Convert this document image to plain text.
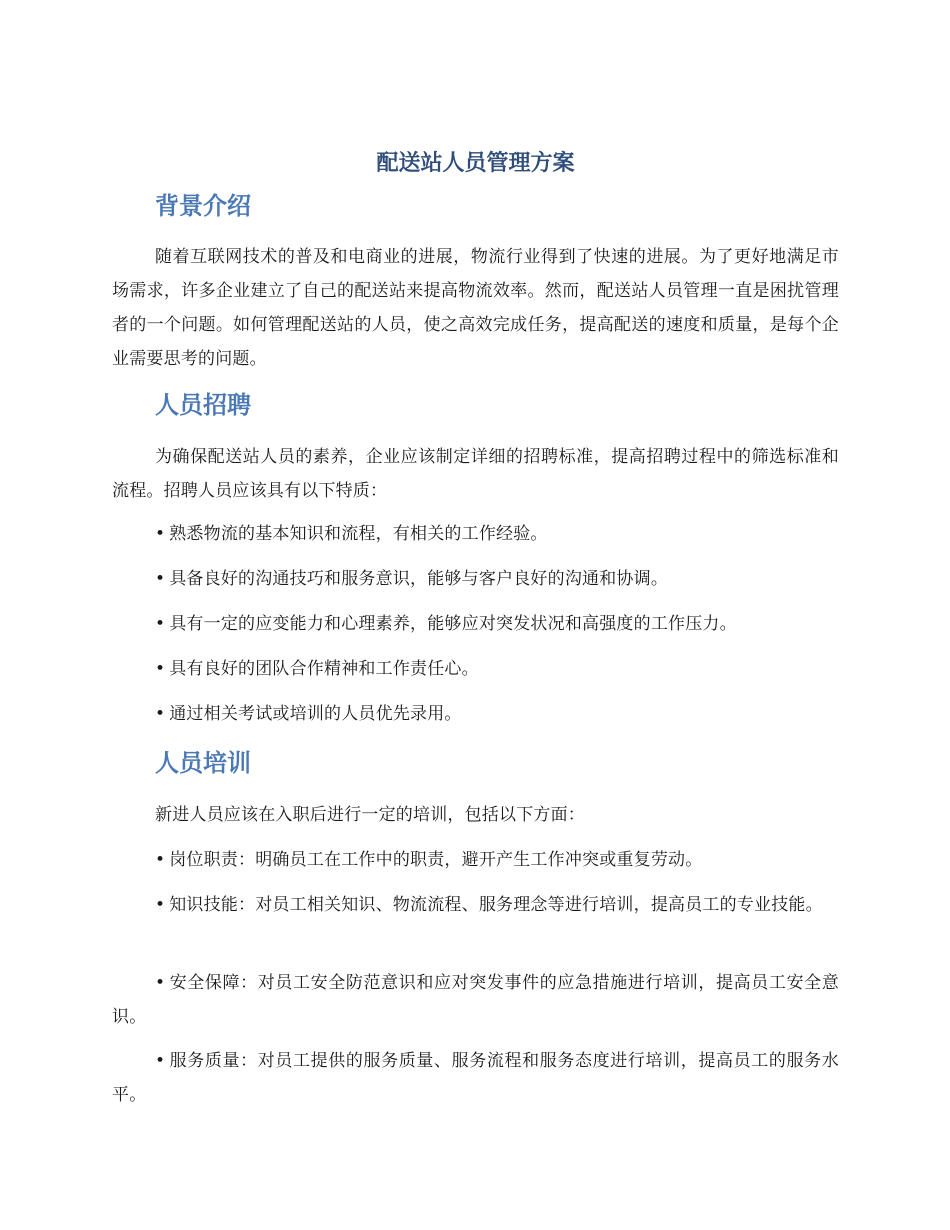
配送站人员管理方案
背景介绍

随着互联网技术的普及和电商业的进展，物流行业得到了快速的进展。为了更好地满足市场需求，许多企业建立了自己的配送站来提高物流效率。然而，配送站人员管理一直是困扰管理者的一个问题。如何管理配送站的人员，使之高效完成任务，提高配送的速度和质量，是每个企业需要思考的问题。

人员招聘

为确保配送站人员的素养，企业应该制定详细的招聘标准，提高招聘过程中的筛选标准和流程。招聘人员应该具有以下特质：

• 熟悉物流的基本知识和流程，有相关的工作经验。

• 具备良好的沟通技巧和服务意识，能够与客户良好的沟通和协调。

• 具有一定的应变能力和心理素养，能够应对突发状况和高强度的工作压力。

• 具有良好的团队合作精神和工作责任心。

• 通过相关考试或培训的人员优先录用。

人员培训

新进人员应该在入职后进行一定的培训，包括以下方面：

• 岗位职责：明确员工在工作中的职责，避开产生工作冲突或重复劳动。

• 知识技能：对员工相关知识、物流流程、服务理念等进行培训，提高员工的专业技能。

• 安全保障：对员工安全防范意识和应对突发事件的应急措施进行培训，提高员工安全意识。

• 服务质量：对员工提供的服务质量、服务流程和服务态度进行培训，提高员工的服务水平。
